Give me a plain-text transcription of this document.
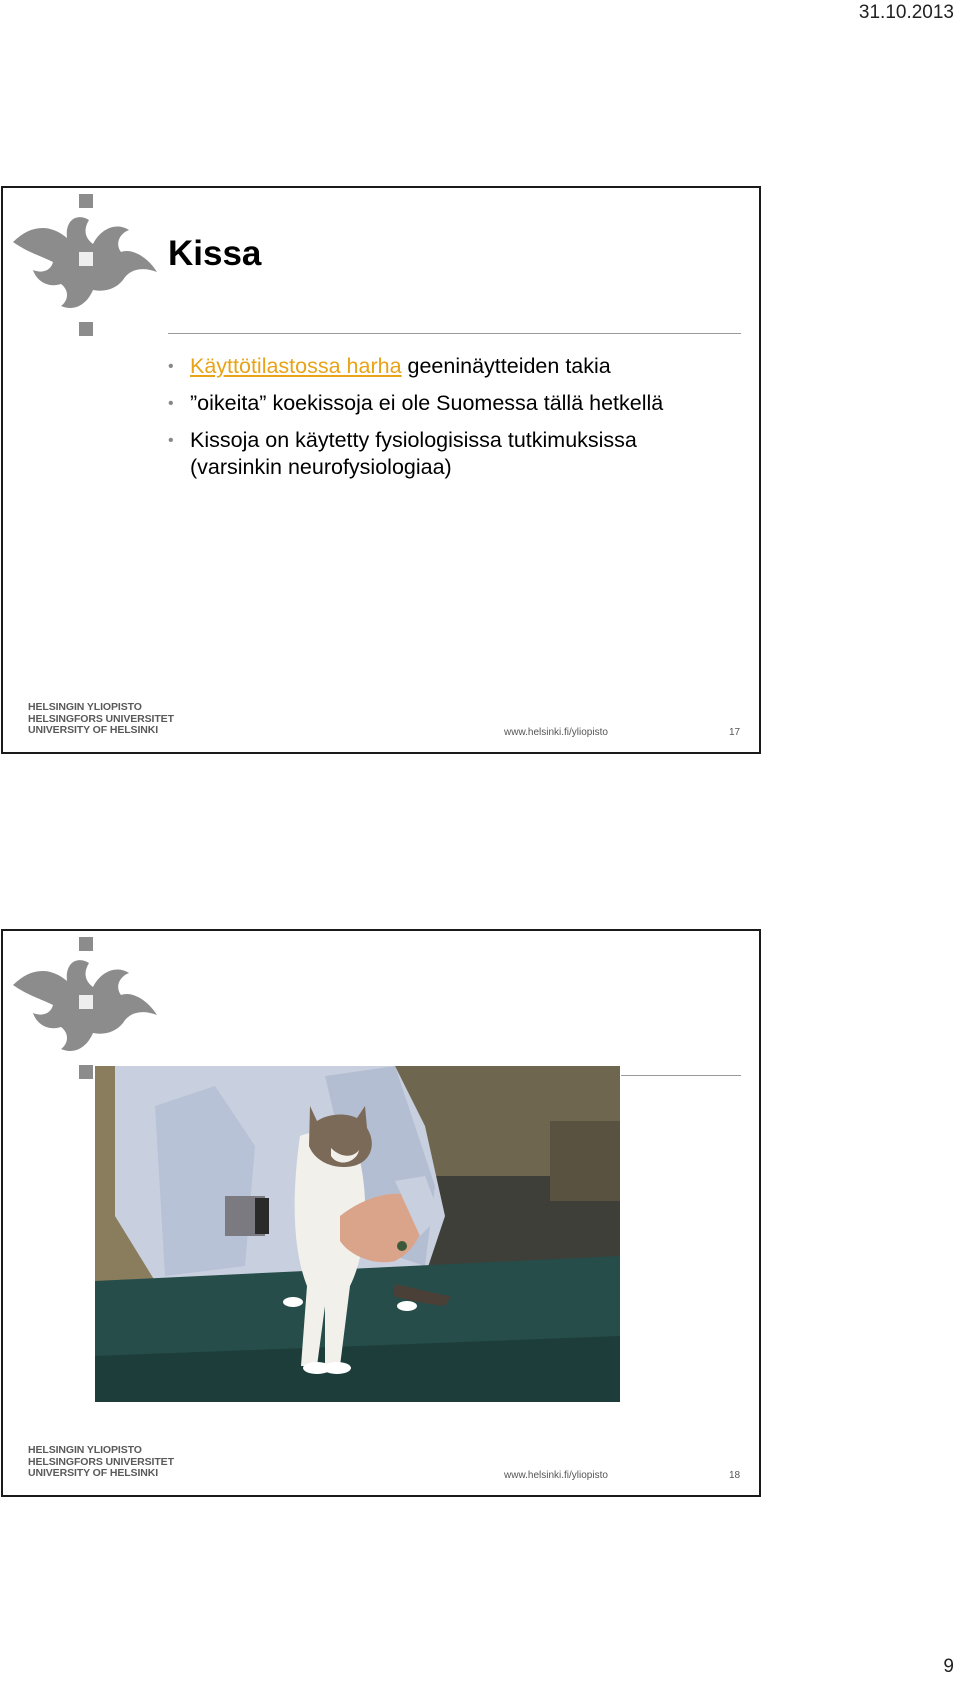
31.10.2013
Kissa
• Käyttötilastossa harha geeninäytteiden takia
• ”oikeita” koekissoja ei ole Suomessa tällä hetkellä
• Kissoja on käytetty fysiologisissa tutkimuksissa (varsinkin neurofysiologiaa)
HELSINGIN YLIOPISTO
HELSINGFORS UNIVERSITET
UNIVERSITY OF HELSINKI	www.helsinki.fi/yliopisto	17
HELSINGIN YLIOPISTO
HELSINGFORS UNIVERSITET
UNIVERSITY OF HELSINKI	www.helsinki.fi/yliopisto	18
9
